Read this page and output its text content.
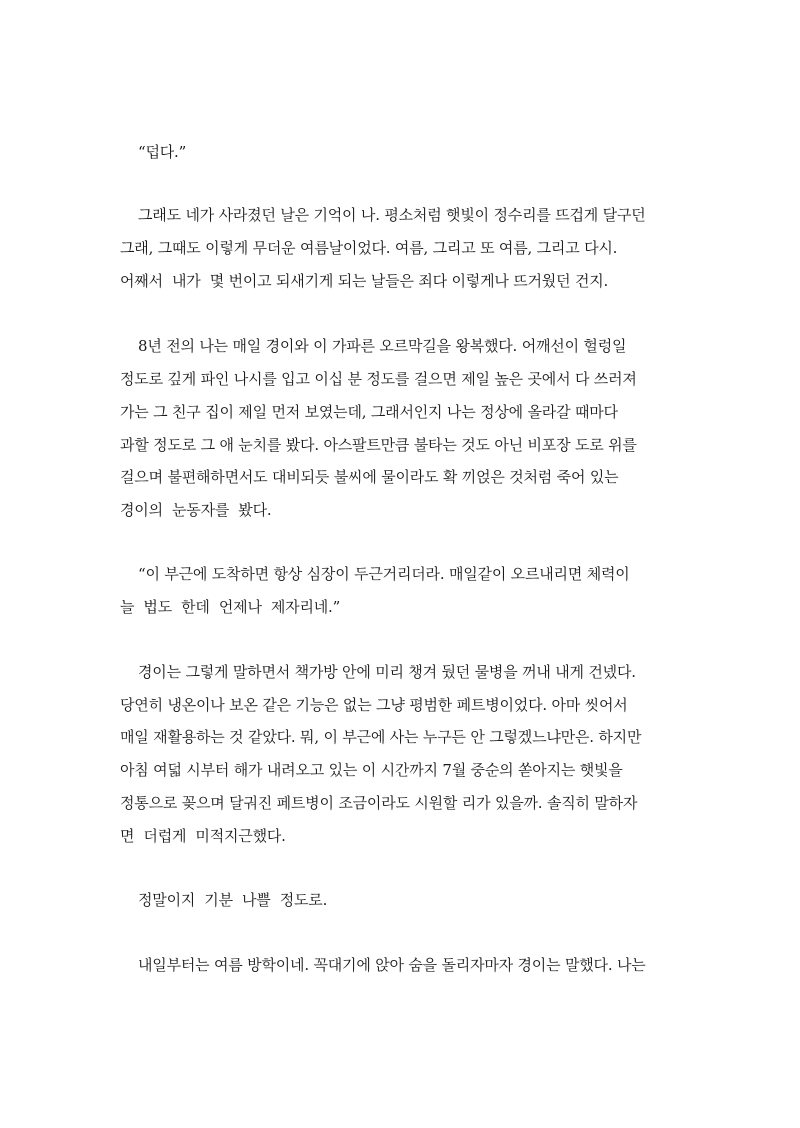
“덥다.”
그래도 네가 사라졌던 날은 기억이 나. 평소처럼 햇빛이 정수리를 뜨겁게 달구던
그래, 그때도 이렇게 무더운 여름날이었다. 여름, 그리고 또 여름, 그리고 다시.
어째서  내가  몇 번이고 되새기게 되는 날들은 죄다 이렇게나 뜨거웠던 건지.
8년 전의 나는 매일 경이와 이 가파른 오르막길을 왕복했다. 어깨선이 헐렁일
정도로 깊게 파인 나시를 입고 이십 분 정도를 걸으면 제일 높은 곳에서 다 쓰러져
가는 그 친구 집이 제일 먼저 보였는데, 그래서인지 나는 정상에 올라갈 때마다
과할 정도로 그 애 눈치를 봤다. 아스팔트만큼 불타는 것도 아닌 비포장 도로 위를
걸으며 불편해하면서도 대비되듯 불씨에 물이라도 확 끼얹은 것처럼 죽어 있는
경이의  눈동자를  봤다.
“이 부근에 도착하면 항상 심장이 두근거리더라. 매일같이 오르내리면 체력이
늘  법도  한데  언제나  제자리네.”
경이는 그렇게 말하면서 책가방 안에 미리 챙겨 뒀던 물병을 꺼내 내게 건넸다.
당연히 냉온이나 보온 같은 기능은 없는 그냥 평범한 페트병이었다. 아마 씻어서
매일 재활용하는 것 같았다. 뭐, 이 부근에 사는 누구든 안 그렇겠느냐만은. 하지만
아침 여덟 시부터 해가 내려오고 있는 이 시간까지 7월 중순의 쏟아지는 햇빛을
정통으로 꽂으며 달궈진 페트병이 조금이라도 시원할 리가 있을까. 솔직히 말하자
면  더럽게  미적지근했다.
정말이지  기분  나쁠  정도로.
내일부터는 여름 방학이네. 꼭대기에 앉아 숨을 돌리자마자 경이는 말했다. 나는
